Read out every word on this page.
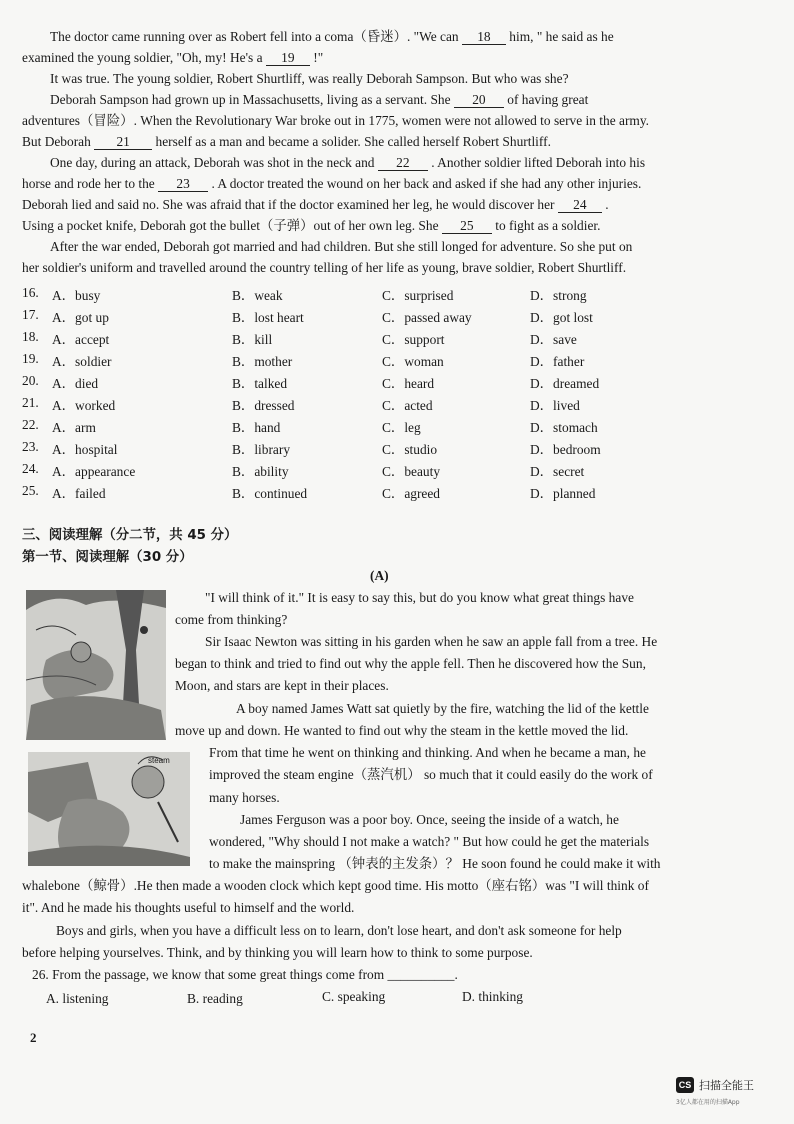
The doctor came running over as Robert fell into a coma（昏迷）. "We can 18 him, " he said as he
examined the young soldier, "Oh, my! He's a 19 !"
It was true. The young soldier, Robert Shurtliff, was really Deborah Sampson. But who was she?
Deborah Sampson had grown up in Massachusetts, living as a servant. She 20 of having great
adventures（冒险）. When the Revolutionary War broke out in 1775, women were not allowed to serve in the army.
But Deborah 21 herself as a man and became a solider. She called herself Robert Shurtliff.
One day, during an attack, Deborah was shot in the neck and 22 . Another soldier lifted Deborah into his
horse and rode her to the 23 . A doctor treated the wound on her back and asked if she had any other injuries.
Deborah lied and said no. She was afraid that if the doctor examined her leg, he would discover her 24 .
Using a pocket knife, Deborah got the bullet（子弹）out of her own leg. She 25 to fight as a soldier.
After the war ended, Deborah got married and had children. But she still longed for adventure. So she put on
her soldier's uniform and travelled around the country telling of her life as young, brave soldier, Robert Shurtliff.
16. A．busy	B．weak	C．surprised	D．strong
17. A．got up	B．lost heart	C．passed away	D．got lost
18. A．accept	B．kill	C．support	D．save
19. A．soldier	B．mother	C．woman	D．father
20. A．died	B．talked	C．heard	D．dreamed
21. A．worked	B．dressed	C．acted	D．lived
22. A．arm	B．hand	C．leg	D．stomach
23. A．hospital	B．library	C．studio	D．bedroom
24. A．appearance	B．ability	C．beauty	D．secret
25. A．failed	B．continued	C．agreed	D．planned
三、阅读理解（分二节，共 45 分）
第一节、阅读理解（30 分）
(A)
steam
"I will think of it." It is easy to say this, but do you know what great things have
come from thinking?
Sir Isaac Newton was sitting in his garden when he saw an apple fall from a tree. He
began to think and tried to find out why the apple fell. Then he discovered how the Sun,
Moon, and stars are kept in their places.
A boy named James Watt sat quietly by the fire, watching the lid of the kettle
move up and down. He wanted to find out why the steam in the kettle moved the lid.
From that time he went on thinking and thinking. And when he became a man, he
improved the steam engine（蒸汽机） so much that it could easily do the work of
many horses.
James Ferguson was a poor boy. Once, seeing the inside of a watch, he
wondered, "Why should I not make a watch? " But how could he get the materials
to make the mainspring （钟表的主发条）？ He soon found he could make it with
whalebone（鲸骨）.He then made a wooden clock which kept good time. His motto（座右铭）was "I will think of
it". And he made his thoughts useful to himself and the world.
Boys and girls, when you have a difficult less on to learn, don't lose heart, and don't ask someone for help
before helping yourselves. Think, and by thinking you will learn how to think to some purpose.
26. From the passage, we know that some great things come from __________.
A. listening	B. reading	C. speaking	D. thinking
2
CS 扫描全能王
3亿人都在用的扫描App
